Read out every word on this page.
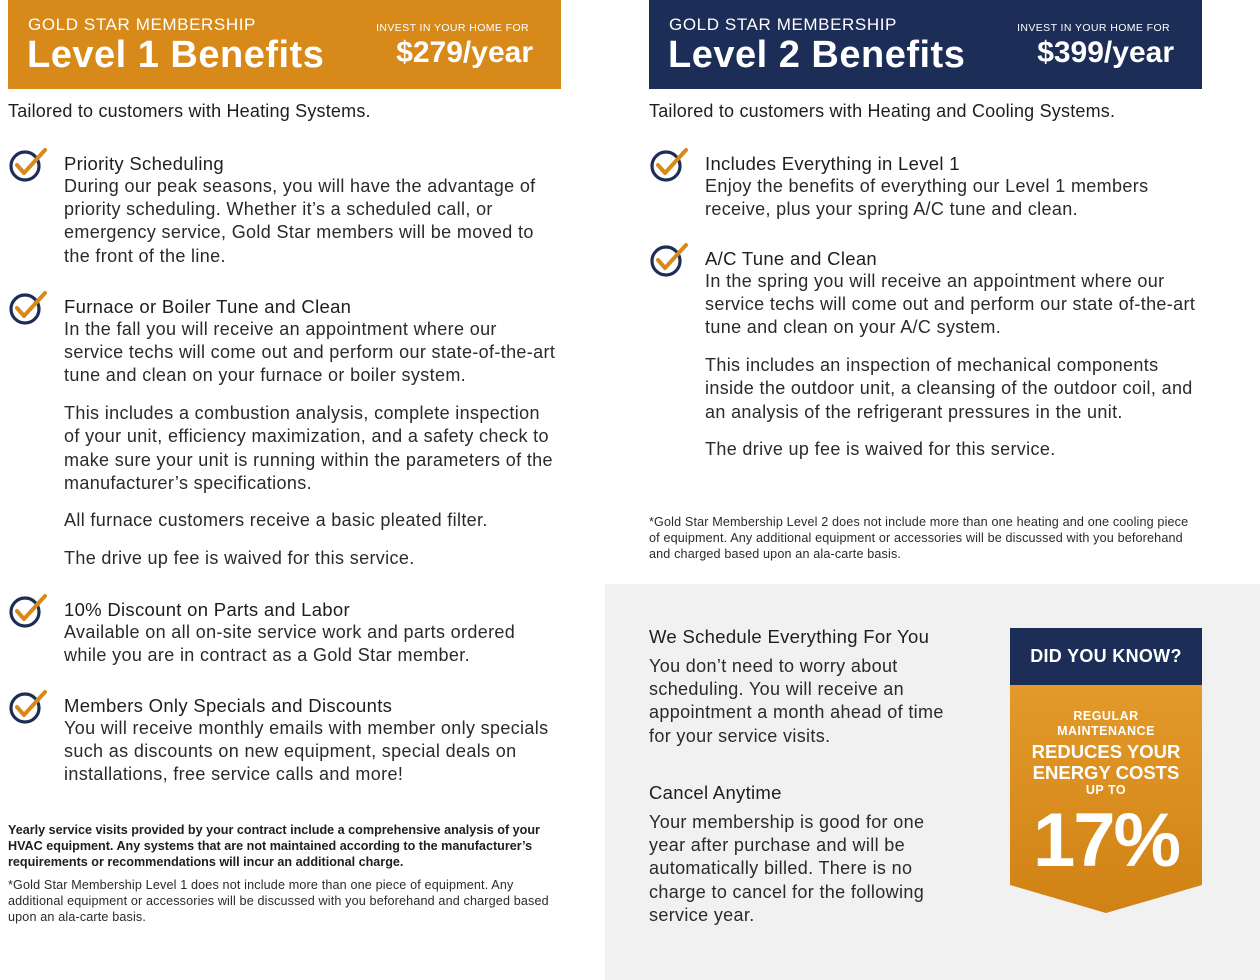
GOLD STAR MEMBERSHIP
Level 1 Benefits
INVEST IN YOUR HOME FOR
$279/year
GOLD STAR MEMBERSHIP
Level 2 Benefits
INVEST IN YOUR HOME FOR
$399/year
Tailored to customers with Heating Systems.	Tailored to customers with Heating and Cooling Systems.
Priority Scheduling

During our peak seasons, you will have the advantage of priority scheduling. Whether it’s a scheduled call, or emergency service, Gold Star members will be moved to the front of the line.

Furnace or Boiler Tune and Clean

In the fall you will receive an appointment where our service techs will come out and perform our state-of-the-art tune and clean on your furnace or boiler system.

This includes a combustion analysis, complete inspection of your unit, efficiency maximization, and a safety check to make sure your unit is running within the parameters of the manufacturer’s specifications.

All furnace customers receive a basic pleated filter.

The drive up fee is waived for this service.

10% Discount on Parts and Labor

Available on all on-site service work and parts ordered while you are in contract as a Gold Star member.

Members Only Specials and Discounts

You will receive monthly emails with member only specials such as discounts on new equipment, special deals on installations, free service calls and more!

Yearly service visits provided by your contract include a comprehensive analysis of your HVAC equipment. Any systems that are not maintained according to the manufacturer’s requirements or recommendations will incur an additional charge.
*Gold Star Membership Level 1 does not include more than one piece of equipment. Any additional equipment or accessories will be discussed with you beforehand and charged based upon an ala-carte basis.
Includes Everything in Level 1

Enjoy the benefits of everything our Level 1 members receive, plus your spring A/C tune and clean.

A/C Tune and Clean

In the spring you will receive an appointment where our service techs will come out and perform our state of-the-art tune and clean on your A/C system.

This includes an inspection of mechanical components inside the outdoor unit, a cleansing of the outdoor coil, and an analysis of the refrigerant pressures in the unit.

The drive up fee is waived for this service.

*Gold Star Membership Level 2 does not include more than one heating and one cooling piece of equipment. Any additional equipment or accessories will be discussed with you beforehand and charged based upon an ala-carte basis.
We Schedule Everything For You
You don’t need to worry about scheduling. You will receive an appointment a month ahead of time for your service visits.
Cancel Anytime
Your membership is good for one year after purchase and will be automatically billed. There is no charge to cancel for the following service year.
DID YOU KNOW?
REGULAR
MAINTENANCE
REDUCES YOUR
ENERGY COSTS
UP TO
17%
